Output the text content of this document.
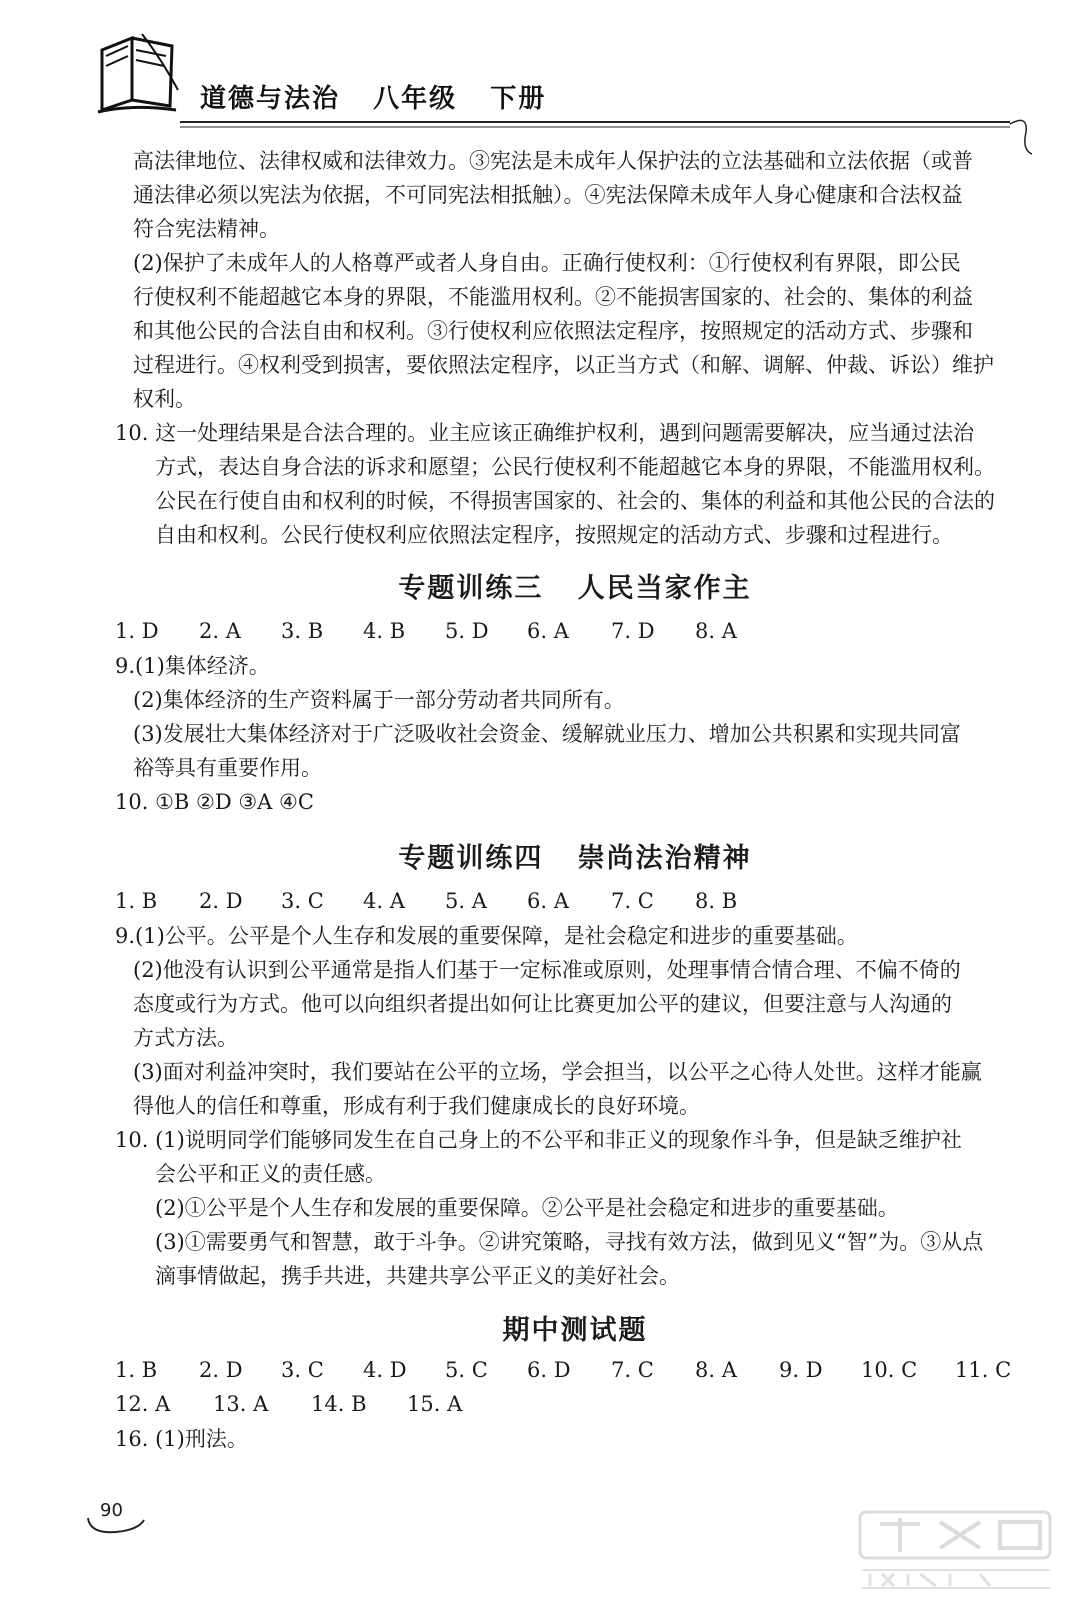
道德与法治   八年级   下册
高法律地位、法律权威和法律效力。③宪法是未成年人保护法的立法基础和立法依据（或普
通法律必须以宪法为依据，不可同宪法相抵触）。④宪法保障未成年人身心健康和合法权益
符合宪法精神。
(2)保护了未成年人的人格尊严或者人身自由。正确行使权利：①行使权利有界限，即公民
行使权利不能超越它本身的界限，不能滥用权利。②不能损害国家的、社会的、集体的利益
和其他公民的合法自由和权利。③行使权利应依照法定程序，按照规定的活动方式、步骤和
过程进行。④权利受到损害，要依照法定程序，以正当方式（和解、调解、仲裁、诉讼）维护
权利。
10. 这一处理结果是合法合理的。业主应该正确维护权利，遇到问题需要解决，应当通过法治
方式，表达自身合法的诉求和愿望；公民行使权利不能超越它本身的界限，不能滥用权利。
公民在行使自由和权利的时候，不得损害国家的、社会的、集体的利益和其他公民的合法的
自由和权利。公民行使权利应依照法定程序，按照规定的活动方式、步骤和过程进行。
专题训练三   人民当家作主
1. D 2. A 3. B 4. B 5. D 6. A 7. D 8. A
9.(1)集体经济。
(2)集体经济的生产资料属于一部分劳动者共同所有。
(3)发展壮大集体经济对于广泛吸收社会资金、缓解就业压力、增加公共积累和实现共同富
裕等具有重要作用。
10. ①B ②D ③A ④C
专题训练四   崇尚法治精神
1. B 2. D 3. C 4. A 5. A 6. A 7. C 8. B
9.(1)公平。公平是个人生存和发展的重要保障，是社会稳定和进步的重要基础。
(2)他没有认识到公平通常是指人们基于一定标准或原则，处理事情合情合理、不偏不倚的
态度或行为方式。他可以向组织者提出如何让比赛更加公平的建议，但要注意与人沟通的
方式方法。
(3)面对利益冲突时，我们要站在公平的立场，学会担当，以公平之心待人处世。这样才能赢
得他人的信任和尊重，形成有利于我们健康成长的良好环境。
10. (1)说明同学们能够同发生在自己身上的不公平和非正义的现象作斗争，但是缺乏维护社
会公平和正义的责任感。
(2)①公平是个人生存和发展的重要保障。②公平是社会稳定和进步的重要基础。
(3)①需要勇气和智慧，敢于斗争。②讲究策略，寻找有效方法，做到见义“智”为。③从点
滴事情做起，携手共进，共建共享公平正义的美好社会。
期中测试题
1. B 2. D 3. C 4. D 5. C 6. D 7. C 8. A 9. D 10. C 11. C
12. A 13. A 14. B 15. A
16. (1)刑法。
90
